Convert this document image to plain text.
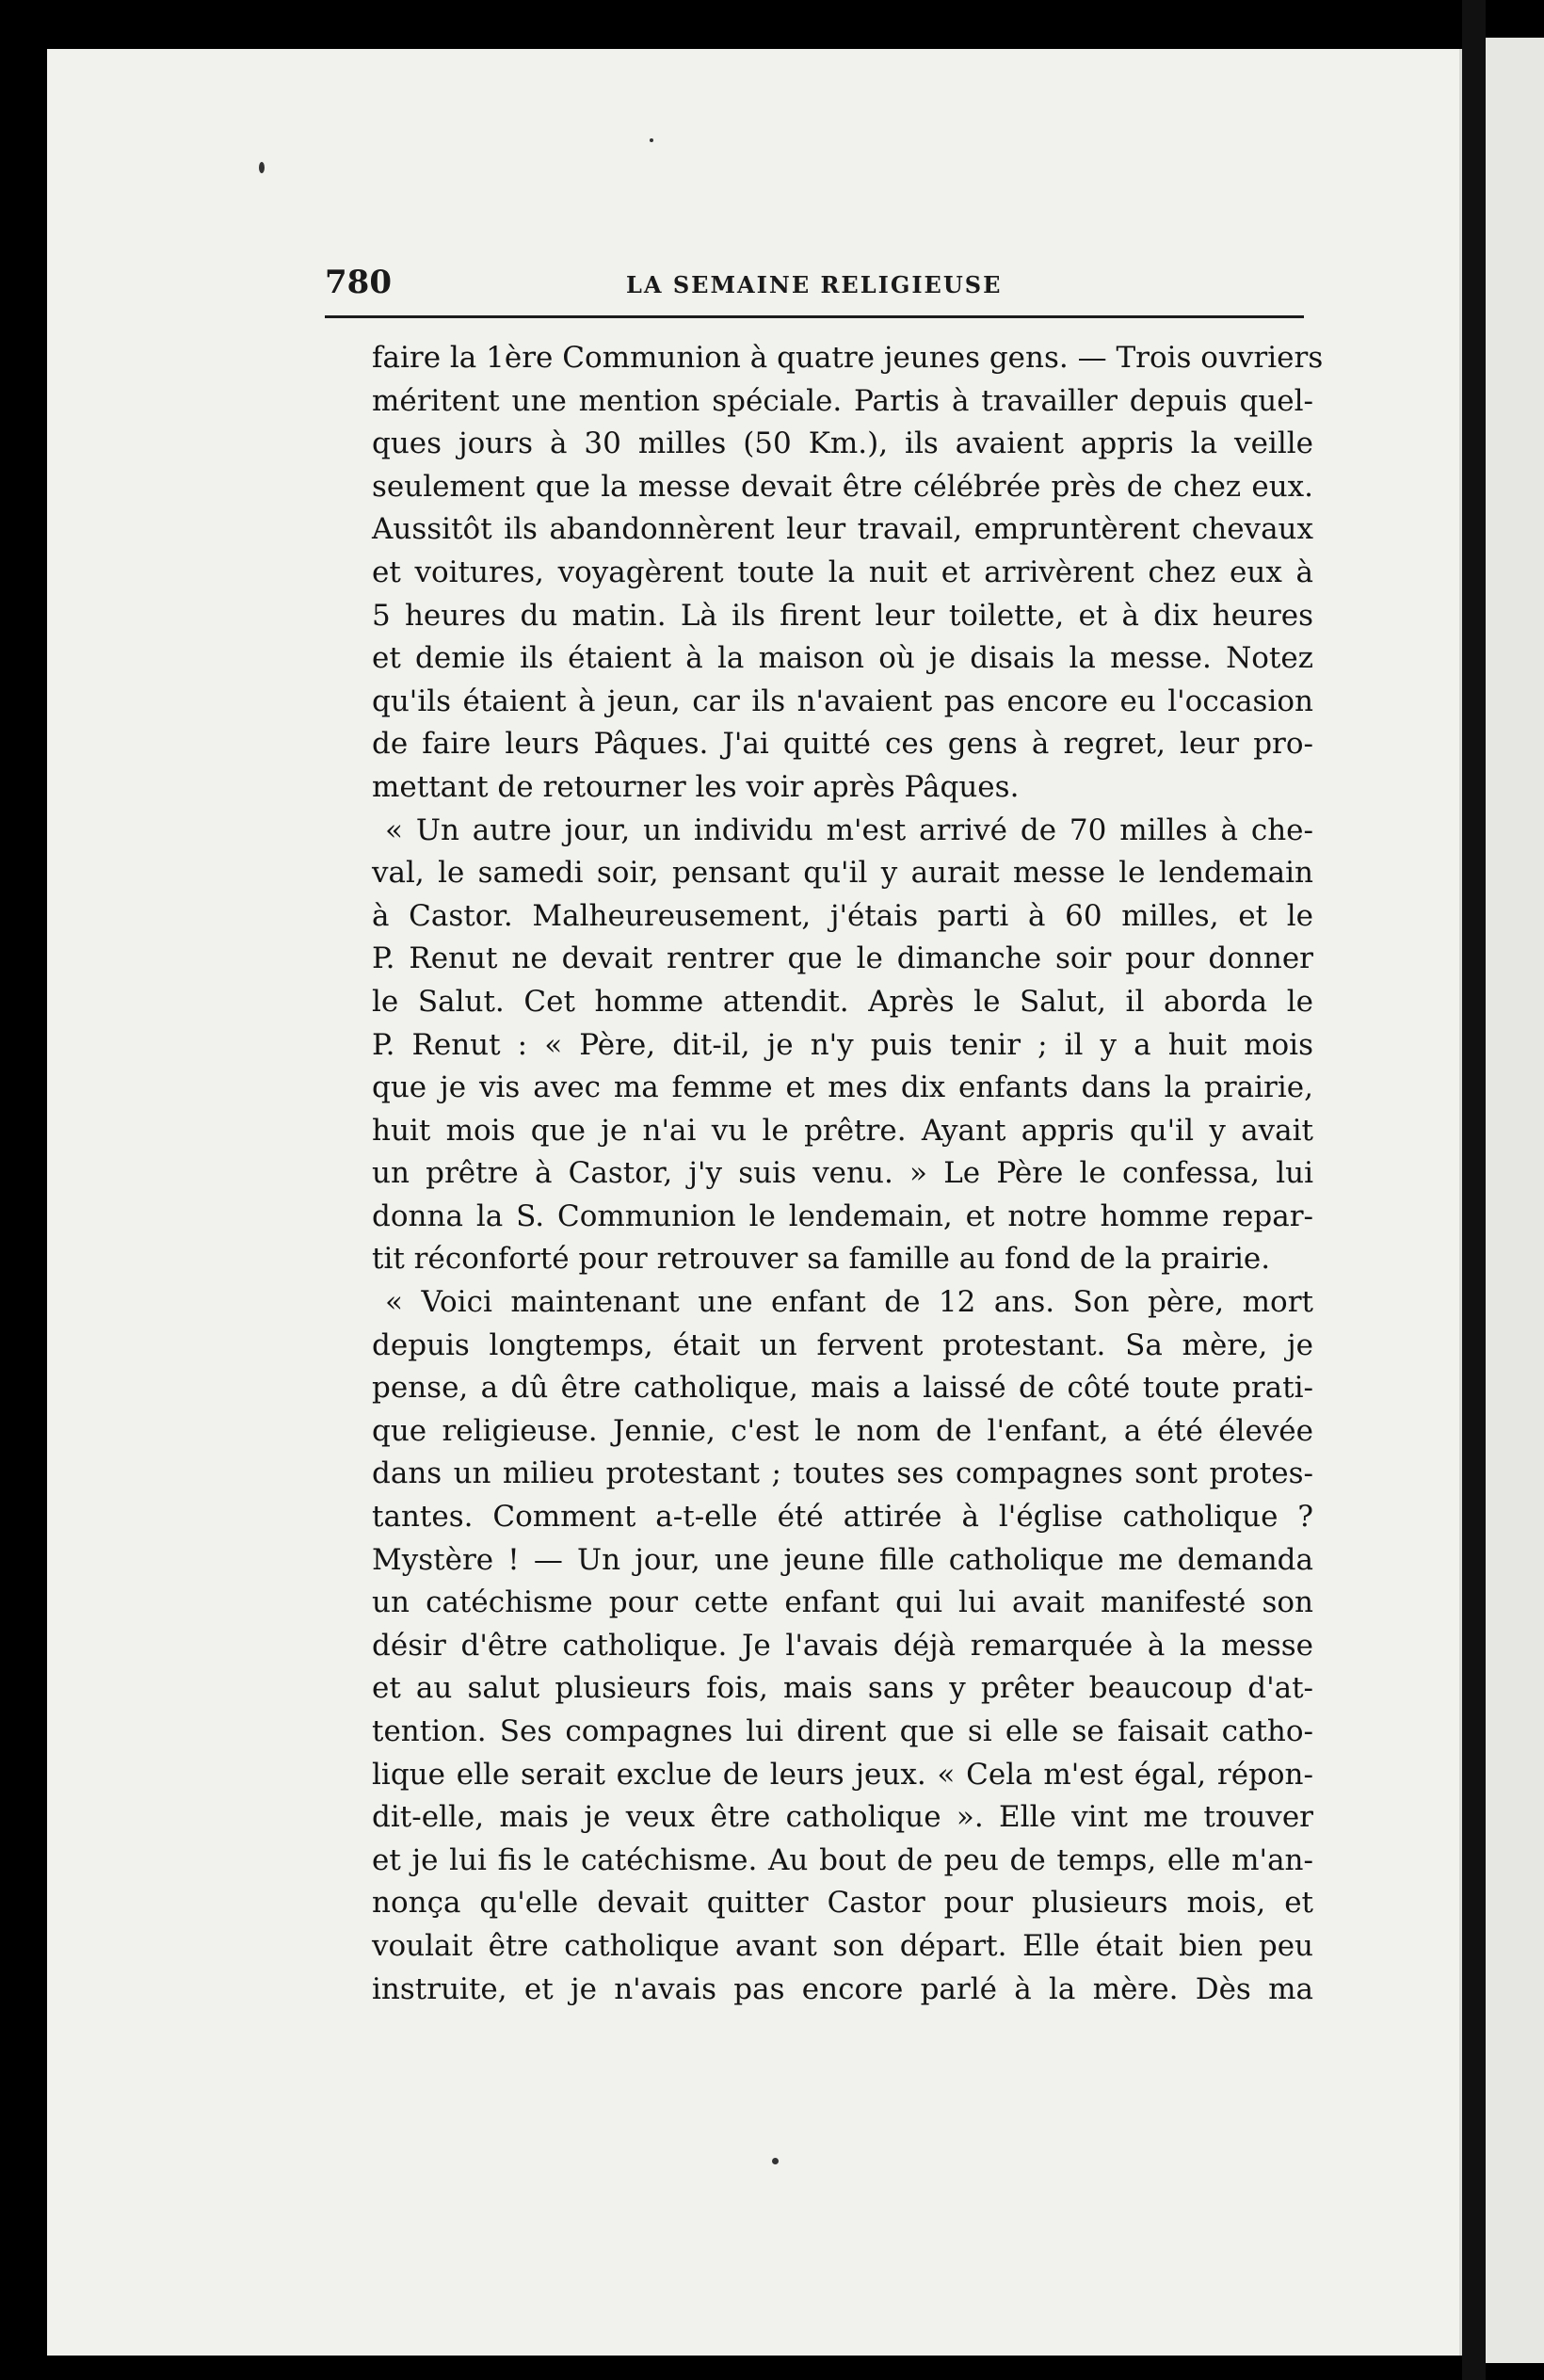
780	LA SEMAINE RELIGIEUSE
faire la 1ère Communion à quatre jeunes gens. — Trois ouvriers
méritent une mention spéciale. Partis à travailler depuis quel-
ques jours à 30 milles (50 Km.), ils avaient appris la veille
seulement que la messe devait être célébrée près de chez eux.
Aussitôt ils abandonnèrent leur travail, empruntèrent chevaux
et voitures, voyagèrent toute la nuit et arrivèrent chez eux à
5 heures du matin. Là ils firent leur toilette, et à dix heures
et demie ils étaient à la maison où je disais la messe. Notez
qu'ils étaient à jeun, car ils n'avaient pas encore eu l'occasion
de faire leurs Pâques. J'ai quitté ces gens à regret, leur pro-
mettant de retourner les voir après Pâques.
« Un autre jour, un individu m'est arrivé de 70 milles à che-
val, le samedi soir, pensant qu'il y aurait messe le lendemain
à Castor. Malheureusement, j'étais parti à 60 milles, et le
P. Renut ne devait rentrer que le dimanche soir pour donner
le Salut. Cet homme attendit. Après le Salut, il aborda le
P. Renut : « Père, dit-il, je n'y puis tenir ; il y a huit mois
que je vis avec ma femme et mes dix enfants dans la prairie,
huit mois que je n'ai vu le prêtre. Ayant appris qu'il y avait
un prêtre à Castor, j'y suis venu. » Le Père le confessa, lui
donna la S. Communion le lendemain, et notre homme repar-
tit réconforté pour retrouver sa famille au fond de la prairie.
« Voici maintenant une enfant de 12 ans. Son père, mort
depuis longtemps, était un fervent protestant. Sa mère, je
pense, a dû être catholique, mais a laissé de côté toute prati-
que religieuse. Jennie, c'est le nom de l'enfant, a été élevée
dans un milieu protestant ; toutes ses compagnes sont protes-
tantes. Comment a-t-elle été attirée à l'église catholique ?
Mystère ! — Un jour, une jeune fille catholique me demanda
un catéchisme pour cette enfant qui lui avait manifesté son
désir d'être catholique. Je l'avais déjà remarquée à la messe
et au salut plusieurs fois, mais sans y prêter beaucoup d'at-
tention. Ses compagnes lui dirent que si elle se faisait catho-
lique elle serait exclue de leurs jeux. « Cela m'est égal, répon-
dit-elle, mais je veux être catholique ». Elle vint me trouver
et je lui fis le catéchisme. Au bout de peu de temps, elle m'an-
nonça qu'elle devait quitter Castor pour plusieurs mois, et
voulait être catholique avant son départ. Elle était bien peu
instruite, et je n'avais pas encore parlé à la mère. Dès ma
